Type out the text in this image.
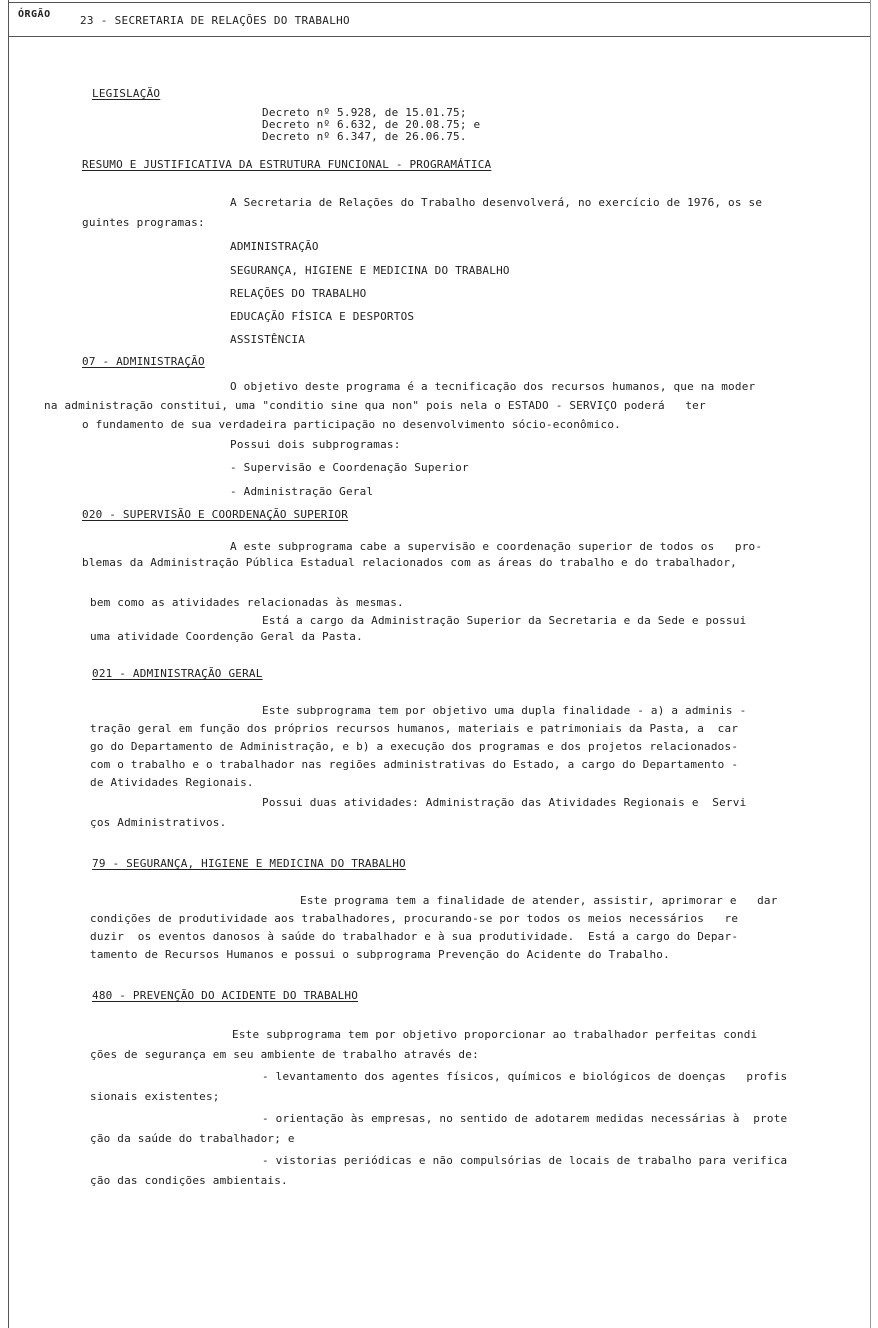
ÓRGÃO	23 - SECRETARIA DE RELAÇÕES DO TRABALHO
LEGISLAÇÃO
Decreto nº 5.928, de 15.01.75;
Decreto nº 6.632, de 20.08.75; e
Decreto nº 6.347, de 26.06.75.
RESUMO E JUSTIFICATIVA DA ESTRUTURA FUNCIONAL - PROGRAMÁTICA
A Secretaria de Relações do Trabalho desenvolverá, no exercício de 1976, os se
guintes programas:
ADMINISTRAÇÃO
SEGURANÇA, HIGIENE E MEDICINA DO TRABALHO
RELAÇÕES DO TRABALHO
EDUCAÇÃO FÍSICA E DESPORTOS
ASSISTÊNCIA
07 - ADMINISTRAÇÃO
O objetivo deste programa é a tecnificação dos recursos humanos, que na moder
na administração constitui, uma "conditio sine qua non" pois nela o ESTADO - SERVIÇO poderá   ter
o fundamento de sua verdadeira participação no desenvolvimento sócio-econômico.
Possui dois subprogramas:
- Supervisão e Coordenação Superior
- Administração Geral
020 - SUPERVISÃO E COORDENAÇÃO SUPERIOR
A este subprograma cabe a supervisão e coordenação superior de todos os   pro-
blemas da Administração Pública Estadual relacionados com as áreas do trabalho e do trabalhador,
bem como as atividades relacionadas às mesmas.
Está a cargo da Administração Superior da Secretaria e da Sede e possui
uma atividade Coordenção Geral da Pasta.
021 - ADMINISTRAÇÃO GERAL
Este subprograma tem por objetivo uma dupla finalidade - a) a adminis -
tração geral em função dos próprios recursos humanos, materiais e patrimoniais da Pasta, a  car
go do Departamento de Administração, e b) a execução dos programas e dos projetos relacionados-
com o trabalho e o trabalhador nas regiões administrativas do Estado, a cargo do Departamento -
de Atividades Regionais.
Possui duas atividades: Administração das Atividades Regionais e  Servi
ços Administrativos.
79 - SEGURANÇA, HIGIENE E MEDICINA DO TRABALHO
Este programa tem a finalidade de atender, assistir, aprimorar e   dar
condições de produtividade aos trabalhadores, procurando-se por todos os meios necessários   re
duzir  os eventos danosos à saúde do trabalhador e à sua produtividade.  Está a cargo do Depar-
tamento de Recursos Humanos e possui o subprograma Prevenção do Acidente do Trabalho.
480 - PREVENÇÃO DO ACIDENTE DO TRABALHO
Este subprograma tem por objetivo proporcionar ao trabalhador perfeitas condi
ções de segurança em seu ambiente de trabalho através de:
- levantamento dos agentes físicos, químicos e biológicos de doenças   profis
sionais existentes;
- orientação às empresas, no sentido de adotarem medidas necessárias à  prote
ção da saúde do trabalhador; e
- vistorias periódicas e não compulsórias de locais de trabalho para verifica
ção das condições ambientais.
